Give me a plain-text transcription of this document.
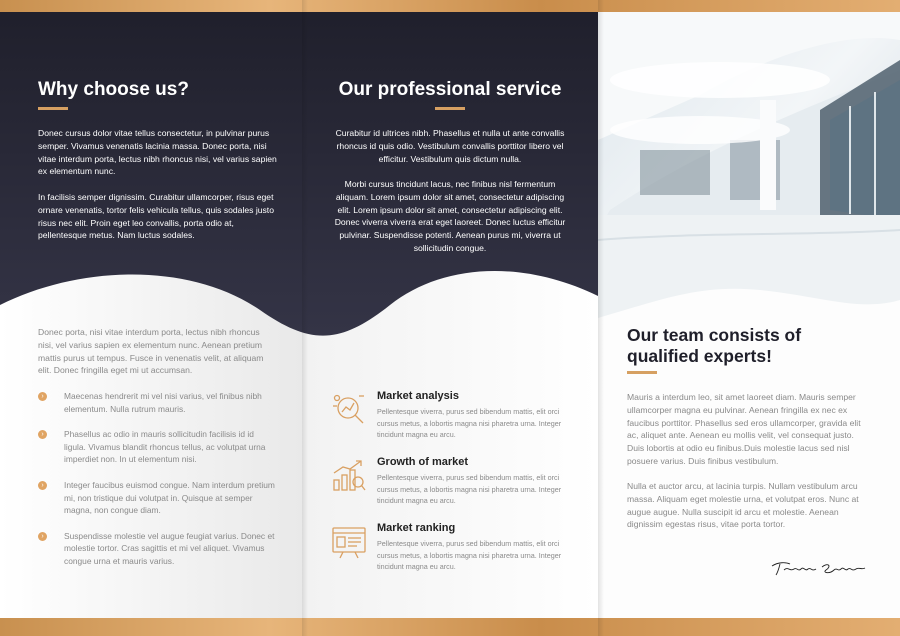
Why choose us?

Donec cursus dolor vitae tellus consectetur, in pulvinar purus semper. Vivamus venenatis lacinia massa. Donec porta, nisi vitae interdum porta, lectus nibh rhoncus nisi, vel varius sapien ex elementum nunc.

In facilisis semper dignissim. Curabitur ullamcorper, risus eget ornare venenatis, tortor felis vehicula tellus, quis sodales justo risus nec elit. Proin eget leo convallis, porta odio at, pellentesque metus. Nam luctus sodales.

Donec porta, nisi vitae interdum porta, lectus nibh rhoncus nisi, vel varius sapien ex elementum nunc. Aenean pretium mattis purus ut tempus. Fusce in venenatis velit, at aliquam elit. Donec fringilla eget mi ut accumsan.

›	Maecenas hendrerit mi vel nisi varius, vel finibus nibh elementum. Nulla rutrum mauris.
›	Phasellus ac odio in mauris sollicitudin facilisis id id ligula. Vivamus blandit rhoncus tellus, ac volutpat urna imperdiet non. In ut elementum nisi.
›	Integer faucibus euismod congue. Nam interdum pretium mi, non tristique dui volutpat in. Quisque at semper magna, non congue diam.
›	Suspendisse molestie vel augue feugiat varius. Donec et molestie tortor. Cras sagittis et mi vel aliquet. Vivamus congue urna et mauris varius.
Our professional service

Curabitur id ultrices nibh. Phasellus et nulla ut ante convallis rhoncus id quis odio. Vestibulum convallis porttitor libero vel efficitur. Vestibulum quis dictum nulla.

Morbi cursus tincidunt lacus, nec finibus nisl fermentum aliquam. Lorem ipsum dolor sit amet, consectetur adipiscing elit. Lorem ipsum dolor sit amet, consectetur adipiscing elit. Donec viverra viverra erat eget laoreet. Donec luctus efficitur pulvinar. Suspendisse potenti. Aenean purus mi, viverra ut sollicitudin congue.

Market analysis

Pellentesque viverra, purus sed bibendum mattis, elit orci cursus metus, a lobortis magna nisi pharetra urna. Integer tincidunt magna eu arcu.

Growth of market

Pellentesque viverra, purus sed bibendum mattis, elit orci cursus metus, a lobortis magna nisi pharetra urna. Integer tincidunt magna eu arcu.

Market ranking

Pellentesque viverra, purus sed bibendum mattis, elit orci cursus metus, a lobortis magna nisi pharetra urna. Integer tincidunt magna eu arcu.

Our team consists of
qualified experts!

Mauris a interdum leo, sit amet laoreet diam. Mauris semper ullamcorper magna eu pulvinar. Aenean fringilla ex nec ex faucibus porttitor. Phasellus sed eros ullamcorper, gravida elit ac, aliquet ante. Aenean eu mollis velit, vel consequat justo. Duis lobortis at odio eu finibus.Duis molestie lacus sed nisl posuere varius. Duis finibus vestibulum.

Nulla et auctor arcu, at lacinia turpis. Nullam vestibulum arcu massa. Aliquam eget molestie urna, et volutpat eros. Nunc at augue augue. Nulla suscipit id arcu et molestie. Aenean dignissim egestas risus, vitae porta tortor.
